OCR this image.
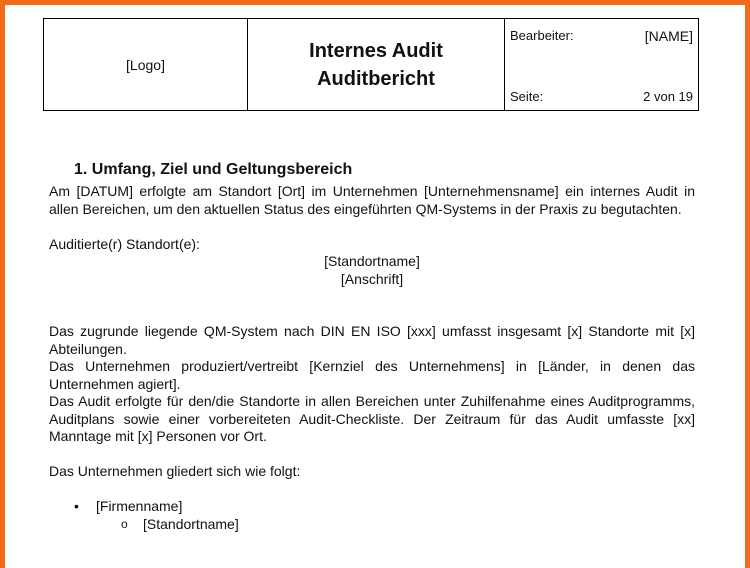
[Logo]
Internes Audit
Auditbericht
Bearbeiter:	[NAME]
Seite:	2 von 19
1. Umfang, Ziel und Geltungsbereich

Am [DATUM] erfolgte am Standort [Ort] im Unternehmen [Unternehmensname] ein internes Audit in allen Bereichen, um den aktuellen Status des eingeführten QM-Systems in der Praxis zu begutachten.

Auditierte(r) Standort(e):

[Standortname]

[Anschrift]

Das zugrunde liegende QM-System nach DIN EN ISO [xxx] umfasst insgesamt [x] Standorte mit [x] Abteilungen.

Das Unternehmen produziert/vertreibt [Kernziel des Unternehmens] in [Länder, in denen das Unternehmen agiert].

Das Audit erfolgte für den/die Standorte in allen Bereichen unter Zuhilfenahme eines Auditprogramms, Auditplans sowie einer vorbereiteten Audit-Checkliste. Der Zeitraum für das Audit umfasste [xx] Manntage mit [x] Personen vor Ort.

Das Unternehmen gliedert sich wie folgt:

• [Firmenname]
o [Standortname]
